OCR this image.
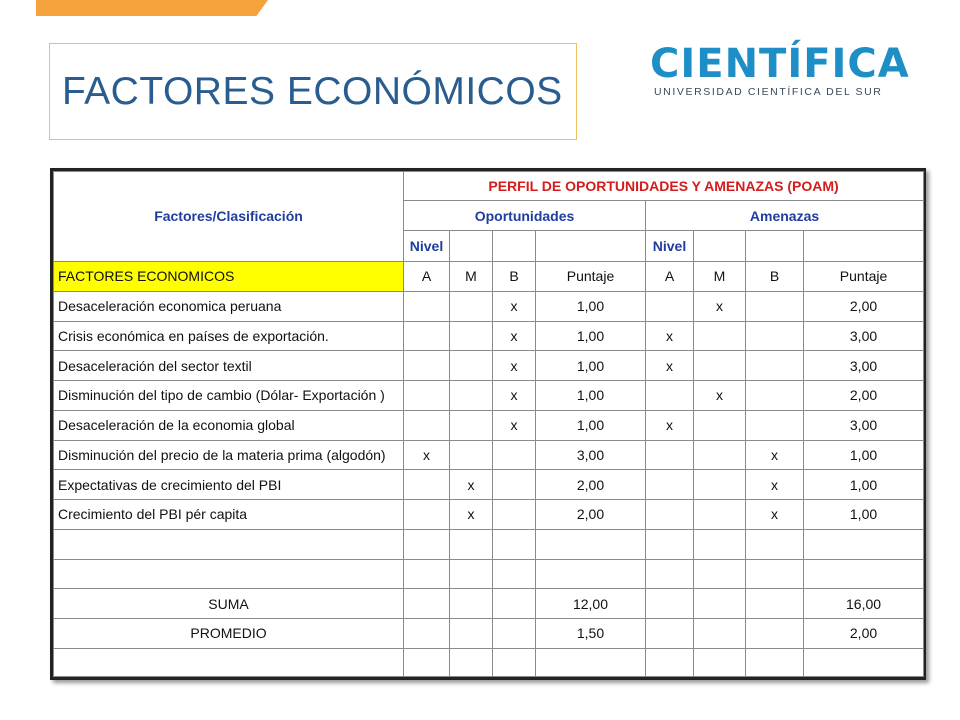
FACTORES ECONÓMICOS
CIENTÍFICA
UNIVERSIDAD CIENTÍFICA DEL SUR
Factores/Clasificación	PERFIL DE OPORTUNIDADES Y AMENAZAS (POAM)							
	Oportunidades				Amenazas			
	Nivel				Nivel			
FACTORES ECONOMICOS	A	M	B	Puntaje	A	M	B	Puntaje
Desaceleración economica peruana			x	1,00		x		2,00
Crisis económica en países de exportación.			x	1,00	x			3,00
Desaceleración del sector textil			x	1,00	x			3,00
Disminución del tipo de cambio (Dólar- Exportación )			x	1,00		x		2,00
Desaceleración de la economia global			x	1,00	x			3,00
Disminución del precio de la materia prima (algodón)	x			3,00			x	1,00
Expectativas de crecimiento del PBI		x		2,00			x	1,00
Crecimiento del PBI pér capita		x		2,00			x	1,00

SUMA				12,00				16,00
PROMEDIO				1,50				2,00
